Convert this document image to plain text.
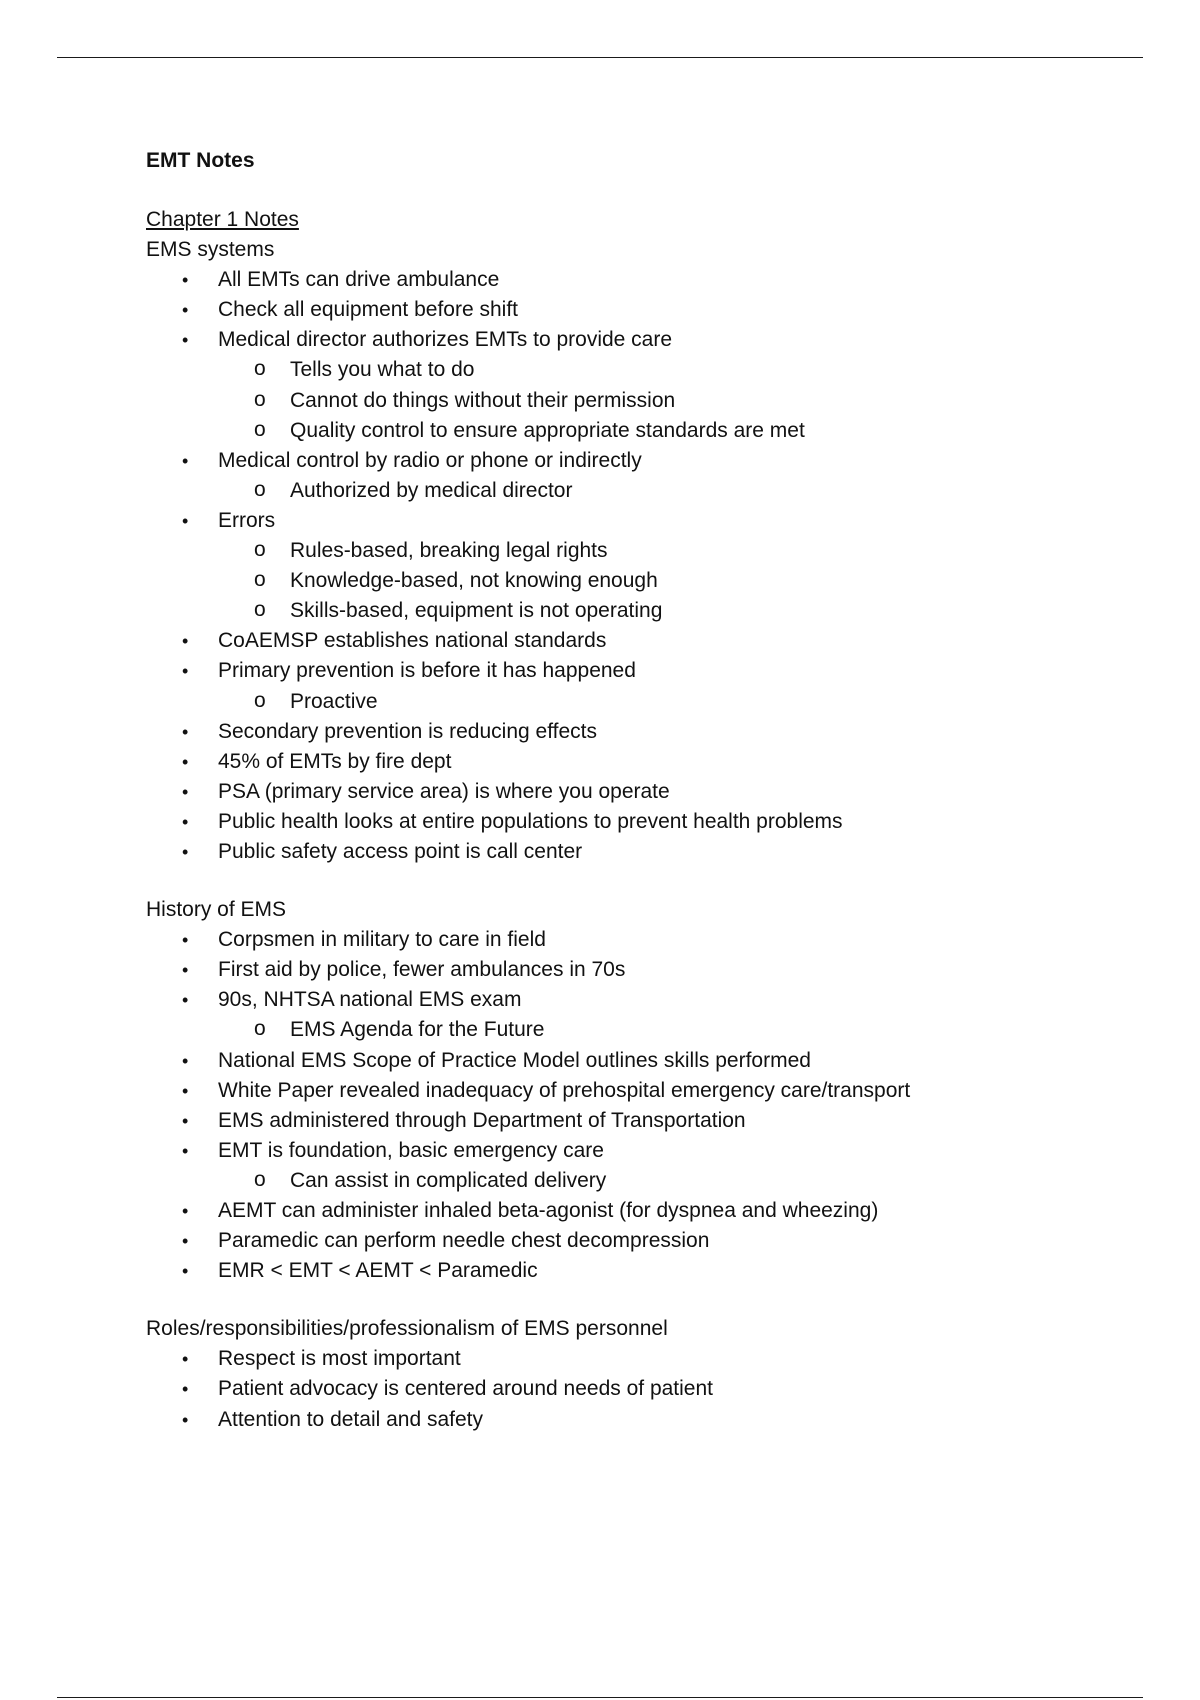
EMT Notes
Chapter 1 Notes
EMS systems
• All EMTs can drive ambulance
• Check all equipment before shift
• Medical director authorizes EMTs to provide care
o Tells you what to do
o Cannot do things without their permission
o Quality control to ensure appropriate standards are met
• Medical control by radio or phone or indirectly
o Authorized by medical director
• Errors
o Rules-based, breaking legal rights
o Knowledge-based, not knowing enough
o Skills-based, equipment is not operating
• CoAEMSP establishes national standards
• Primary prevention is before it has happened
o Proactive
• Secondary prevention is reducing effects
• 45% of EMTs by fire dept
• PSA (primary service area) is where you operate
• Public health looks at entire populations to prevent health problems
• Public safety access point is call center
History of EMS
• Corpsmen in military to care in field
• First aid by police, fewer ambulances in 70s
• 90s, NHTSA national EMS exam
o EMS Agenda for the Future
• National EMS Scope of Practice Model outlines skills performed
• White Paper revealed inadequacy of prehospital emergency care/transport
• EMS administered through Department of Transportation
• EMT is foundation, basic emergency care
o Can assist in complicated delivery
• AEMT can administer inhaled beta-agonist (for dyspnea and wheezing)
• Paramedic can perform needle chest decompression
• EMR < EMT < AEMT < Paramedic
Roles/responsibilities/professionalism of EMS personnel
• Respect is most important
• Patient advocacy is centered around needs of patient
• Attention to detail and safety
